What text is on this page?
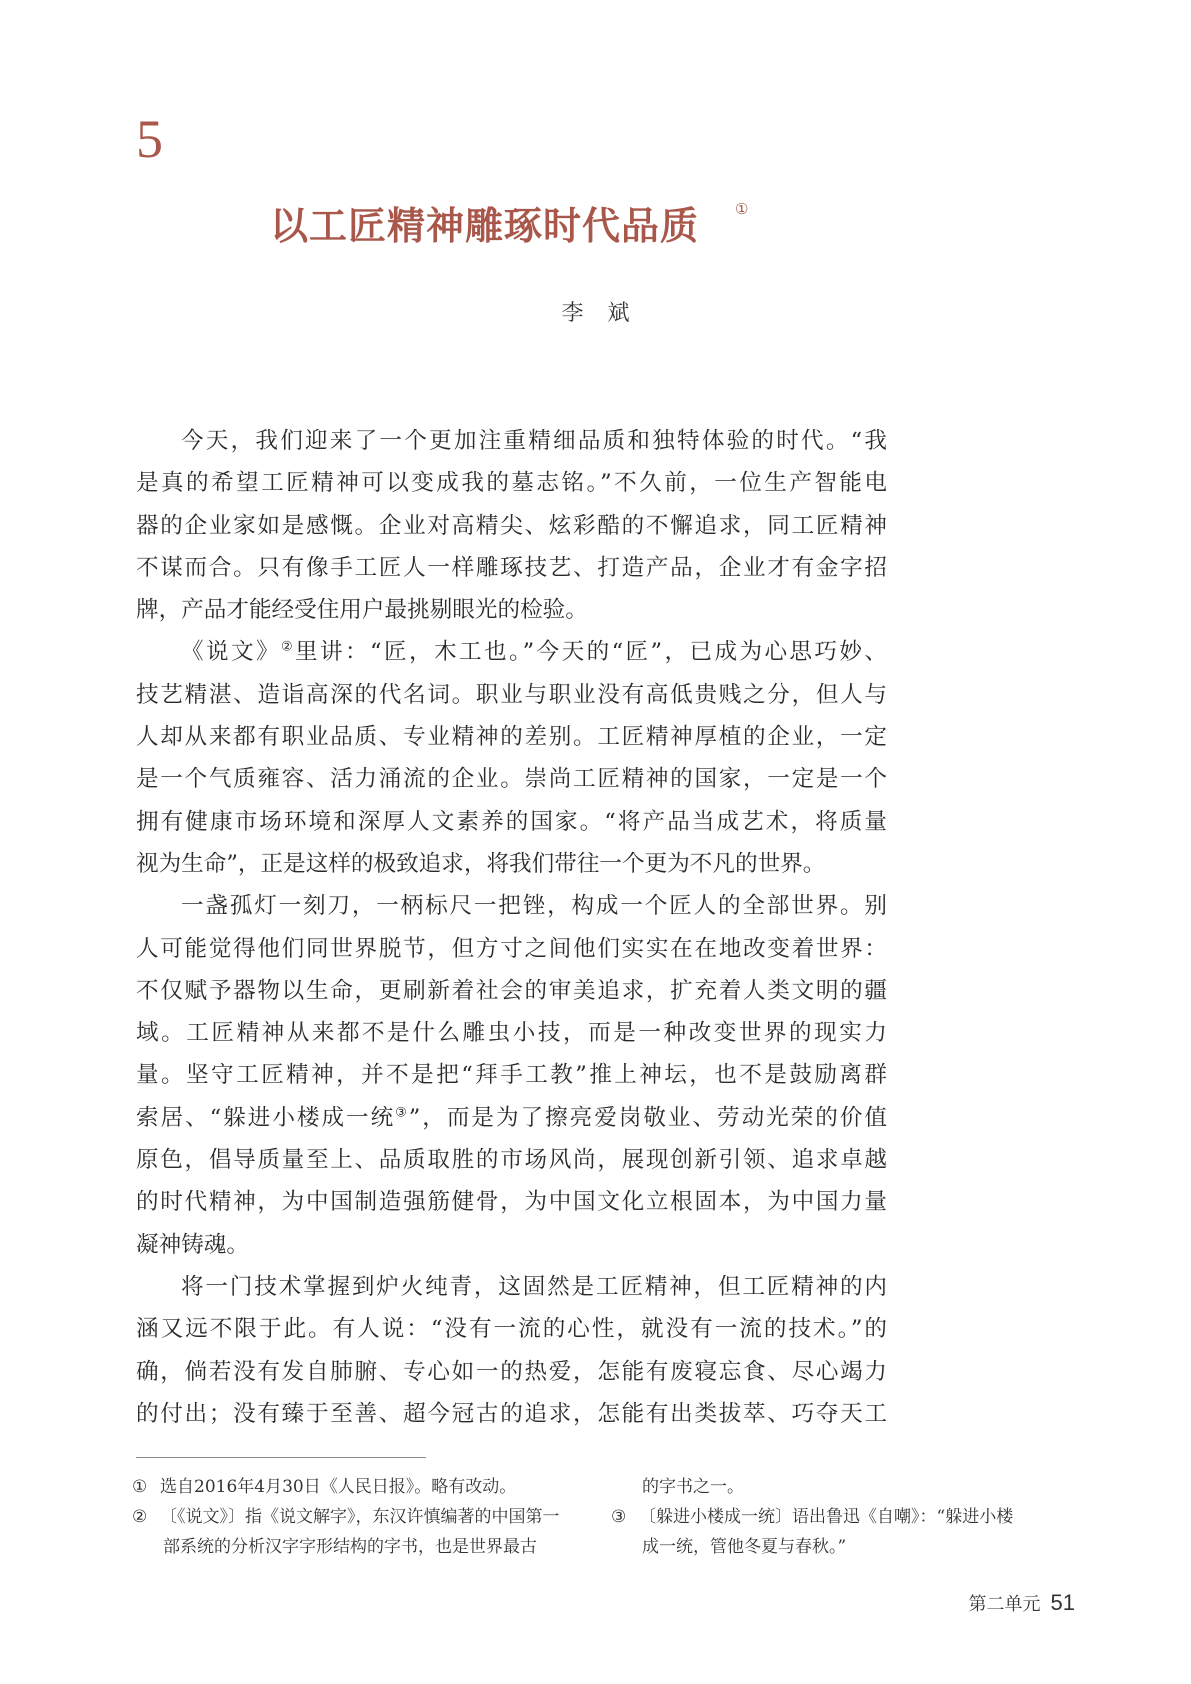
5
以工匠精神雕琢时代品质	①
李斌

今天，我们迎来了一个更加注重精细品质和独特体验的时代。“我
是真的希望工匠精神可以变成我的墓志铭。”不久前，一位生产智能电
器的企业家如是感慨。企业对高精尖、炫彩酷的不懈追求，同工匠精神
不谋而合。只有像手工匠人一样雕琢技艺、打造产品，企业才有金字招
牌，产品才能经受住用户最挑剔眼光的检验。

《说文》②里讲：“匠，木工也。”今天的“匠”，已成为心思巧妙、
技艺精湛、造诣高深的代名词。职业与职业没有高低贵贱之分，但人与
人却从来都有职业品质、专业精神的差别。工匠精神厚植的企业，一定
是一个气质雍容、活力涌流的企业。崇尚工匠精神的国家，一定是一个
拥有健康市场环境和深厚人文素养的国家。“将产品当成艺术，将质量
视为生命”，正是这样的极致追求，将我们带往一个更为不凡的世界。

一盏孤灯一刻刀，一柄标尺一把锉，构成一个匠人的全部世界。别
人可能觉得他们同世界脱节，但方寸之间他们实实在在地改变着世界：
不仅赋予器物以生命，更刷新着社会的审美追求，扩充着人类文明的疆
域。工匠精神从来都不是什么雕虫小技，而是一种改变世界的现实力
量。坚守工匠精神，并不是把“拜手工教”推上神坛，也不是鼓励离群
索居、“躲进小楼成一统③”，而是为了擦亮爱岗敬业、劳动光荣的价值
原色，倡导质量至上、品质取胜的市场风尚，展现创新引领、追求卓越
的时代精神，为中国制造强筋健骨，为中国文化立根固本，为中国力量
凝神铸魂。

将一门技术掌握到炉火纯青，这固然是工匠精神，但工匠精神的内
涵又远不限于此。有人说：“没有一流的心性，就没有一流的技术。”的
确，倘若没有发自肺腑、专心如一的热爱，怎能有废寝忘食、尽心竭力
的付出；没有臻于至善、超今冠古的追求，怎能有出类拔萃、巧夺天工

① 选自2016年4月30日《人民日报》。略有改动。
② 〔《说文》〕指《说文解字》，东汉许慎编著的中国第一
部系统的分析汉字字形结构的字书，也是世界最古
的字书之一。
③ 〔躲进小楼成一统〕语出鲁迅《自嘲》：“躲进小楼
成一统，管他冬夏与春秋。”
第二单元 51
